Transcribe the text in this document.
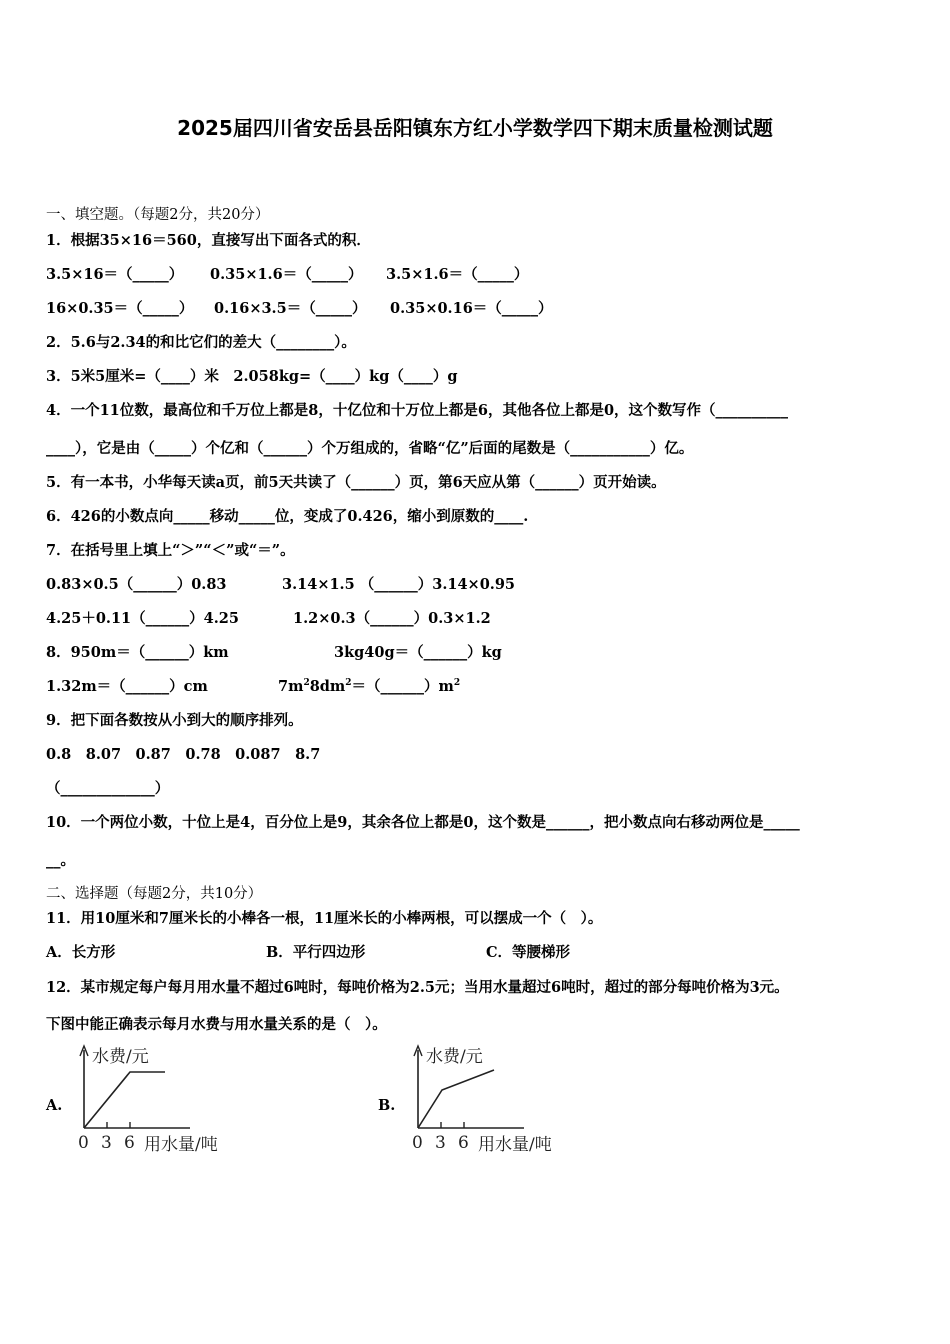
2025届四川省安岳县岳阳镇东方红小学数学四下期末质量检测试题
一、填空题。（每题2分，共20分）
1．根据35×16＝560，直接写出下面各式的积．
3.5×16＝（_____） 0.35×1.6＝（_____） 3.5×1.6＝（_____）
16×0.35＝（_____） 0.16×3.5＝（_____） 0.35×0.16＝（_____）
2．5.6与2.34的和比它们的差大（________）。
3．5米5厘米=（____）米　2.058kg=（____）kg（____）g
4．一个11位数，最高位和千万位上都是8，十亿位和十万位上都是6，其他各位上都是0，这个数写作（__________
____），它是由（_____）个亿和（______）个万组成的，省略“亿”后面的尾数是（___________）亿。
5．有一本书，小华每天读a页，前5天共读了（______）页，第6天应从第（______）页开始读。
6．426的小数点向_____移动_____位，变成了0.426，缩小到原数的____.
7．在括号里上填上“＞”“＜”或“＝”。
0.83×0.5（______）0.83	3.14×1.5 （______）3.14×0.95
4.25＋0.11（______）4.25	1.2×0.3（______）0.3×1.2
8．950m＝（______）km	3kg40g＝（______）kg
1.32m＝（______）cm	$7m^28dm^2=(\_\_\_\_\_\_)m^2$
9．把下面各数按从小到大的顺序排列。
0.8　8.07　0.87　0.78　0.087　8.7
（_____________）
10．一个两位小数，十位上是4，百分位上是9，其余各位上都是0，这个数是______，把小数点向右移动两位是_____
__。
二、选择题（每题2分，共10分）
11．用10厘米和7厘米长的小棒各一根，11厘米长的小棒两根，可以摆成一个（　）。
A．长方形	B．平行四边形	C．等腰梯形
12．某市规定每户每月用水量不超过6吨时，每吨价格为2.5元；当用水量超过6吨时，超过的部分每吨价格为3元。
下图中能正确表示每月水费与用水量关系的是（　）。
A.
水费/元
0 3 6 用水量/吨
B.
水费/元
0 3 6 用水量/吨
